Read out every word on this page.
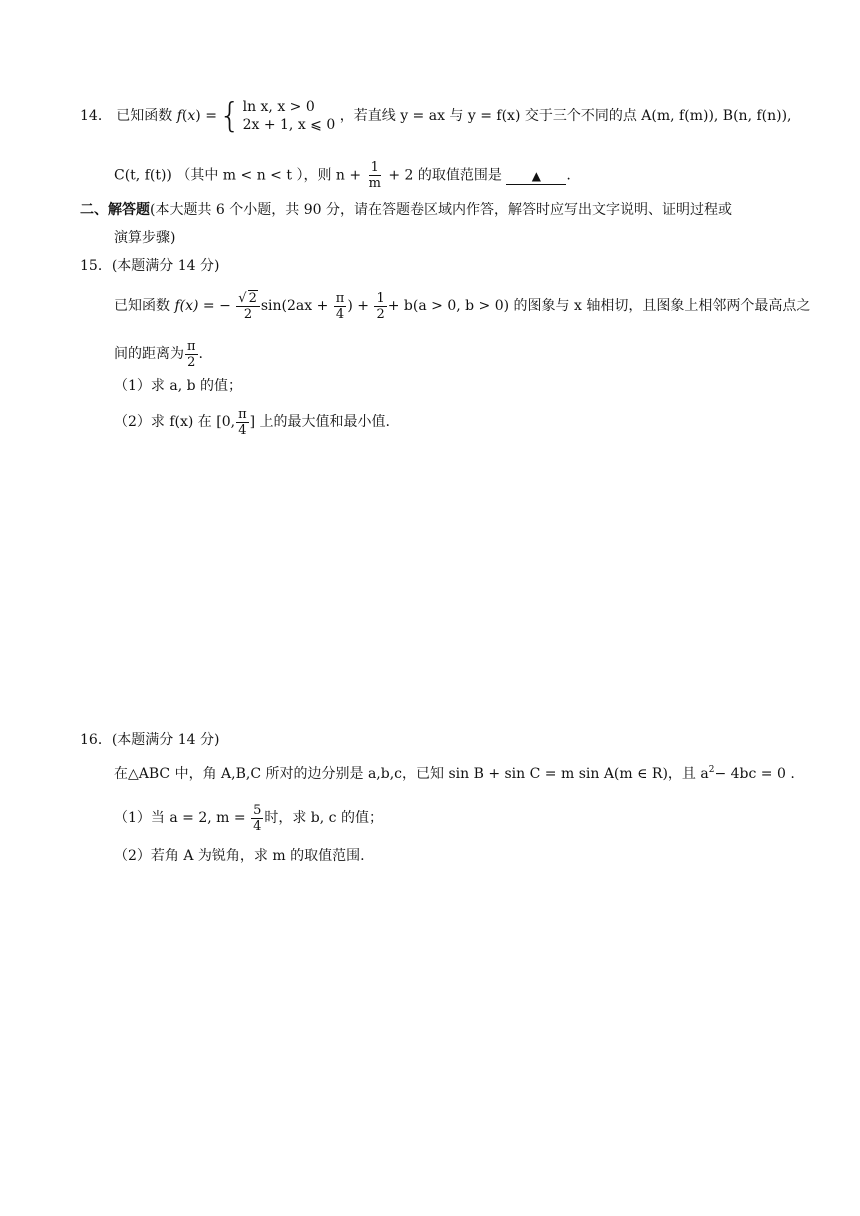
14． 已知函数 f(x) ={ ln x, x > 0
2x + 1, x ⩽ 0
，若直线 y = ax 与 y = f(x) 交于三个不同的点 A(m, f(m)), B(n, f(n)),
C(t, f(t)) （其中 m < n < t ），则 $n + \frac{1}{m} + 2$ 的取值范围是 ▲ .
二、解答题(本大题共 6 个小题，共 90 分，请在答题卷区域内作答，解答时应写出文字说明、证明过程或
演算步骤)
15．(本题满分 14 分)
已知函数 f(x) = − $\frac{√ 2}{2} \sin(2ax + \frac{\pi}{4}$ ) + $\frac{1}{2} + b(a > 0$, b > 0) 的图象与 x 轴相切，且图象上相邻两个最高点之
间的距离为 $\frac{\pi}{2}$ .
（1）求 a, b 的值；
（2）求 f(x) 在 [0, $\frac{\pi}{4}$ ] 上的最大值和最小值.
16．(本题满分 14 分)
在△ABC 中，角 A,B,C 所对的边分别是 a,b,c，已知 sin B + sin C = m sin A(m ∈ R)，且 $a^2- 4bc = 0$ .
（1）当 a = 2, $m = \frac{5}{4}$ 时，求 b, c 的值；
（2）若角 A 为锐角，求 m 的取值范围.
